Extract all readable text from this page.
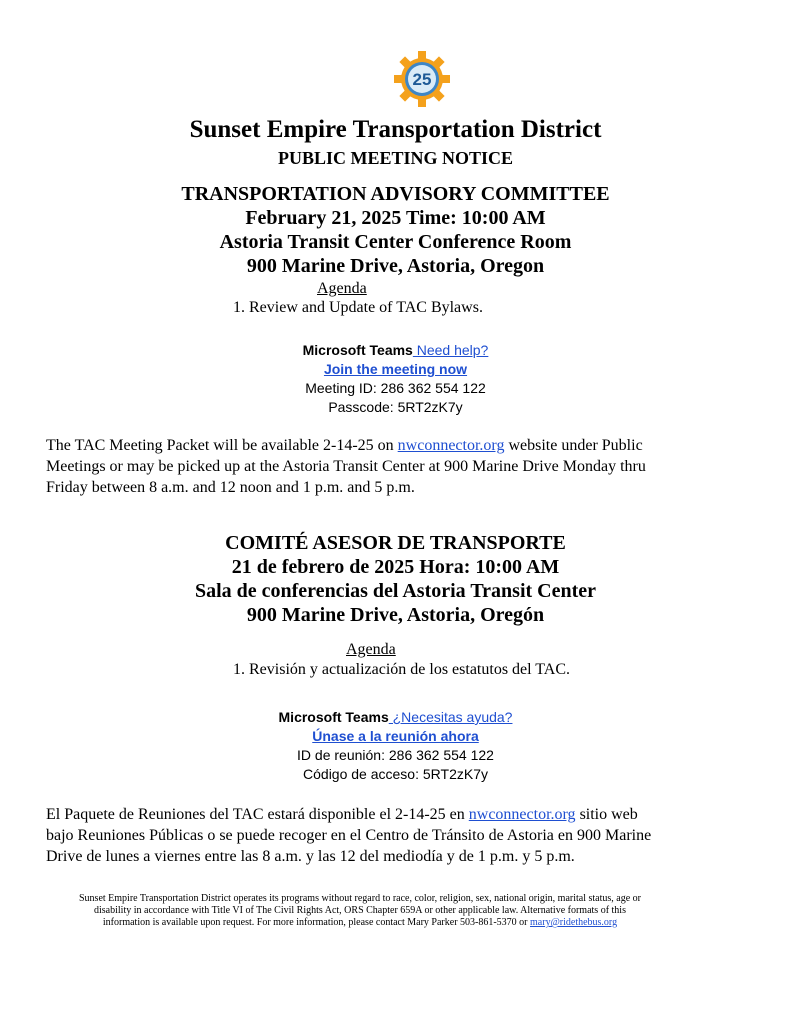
25
Sunset Empire Transportation District
PUBLIC MEETING NOTICE
TRANSPORTATION ADVISORY COMMITTEE
February 21, 2025 Time: 10:00 AM
Astoria Transit Center Conference Room
900 Marine Drive, Astoria, Oregon
Agenda
1. Review and Update of TAC Bylaws.
Microsoft Teams Need help?
Join the meeting now
Meeting ID: 286 362 554 122
Passcode: 5RT2zK7y
The TAC Meeting Packet will be available 2-14-25 on nwconnector.org website under Public
Meetings or may be picked up at the Astoria Transit Center at 900 Marine Drive Monday thru
Friday between 8 a.m. and 12 noon and 1 p.m. and 5 p.m.
COMITÉ ASESOR DE TRANSPORTE
21 de febrero de 2025 Hora: 10:00 AM
Sala de conferencias del Astoria Transit Center
900 Marine Drive, Astoria, Oregón
Agenda
1. Revisión y actualización de los estatutos del TAC.
Microsoft Teams ¿Necesitas ayuda?
Únase a la reunión ahora
ID de reunión: 286 362 554 122
Código de acceso: 5RT2zK7y
El Paquete de Reuniones del TAC estará disponible el 2-14-25 en nwconnector.org sitio web
bajo Reuniones Públicas o se puede recoger en el Centro de Tránsito de Astoria en 900 Marine
Drive de lunes a viernes entre las 8 a.m. y las 12 del mediodía y de 1 p.m. y 5 p.m.
Sunset Empire Transportation District operates its programs without regard to race, color, religion, sex, national origin, marital status, age or
disability in accordance with Title VI of The Civil Rights Act, ORS Chapter 659A or other applicable law. Alternative formats of this
information is available upon request. For more information, please contact Mary Parker 503-861-5370 or mary@ridethebus.org
